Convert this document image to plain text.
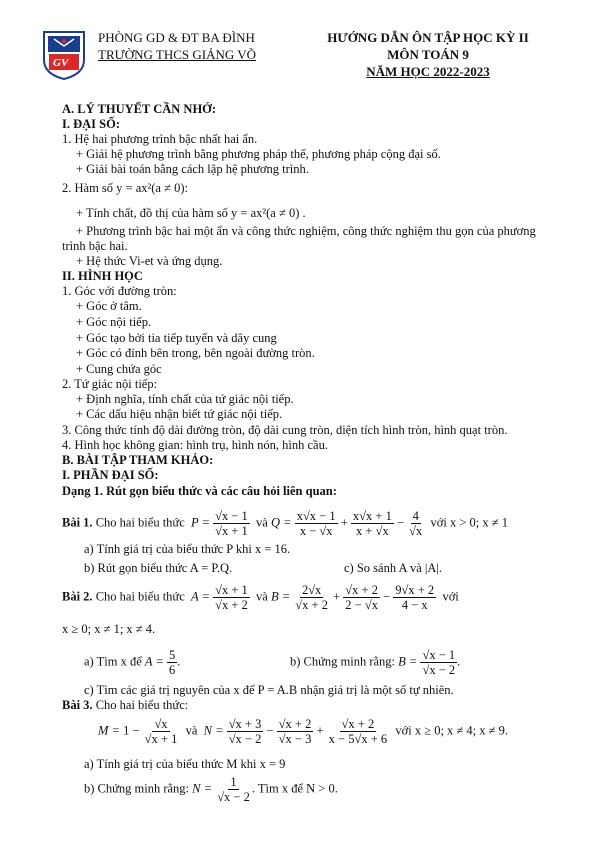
GV
PHÒNG GD & ĐT BA ĐÌNH
TRƯỜNG THCS GIẢNG VÕ
HƯỚNG DẪN ÔN TẬP HỌC KỲ II
MÔN TOÁN 9
NĂM HỌC 2022-2023
A. LÝ THUYẾT CẦN NHỚ:
I. ĐẠI SỐ:
1. Hệ hai phương trình bậc nhất hai ẩn.
+ Giải hệ phương trình bằng phương pháp thế, phương pháp cộng đại số.
+ Giải bài toán bằng cách lập hệ phương trình.
2. Hàm số y = ax²(a ≠ 0):
+ Tính chất, đồ thị của hàm số y = ax²(a ≠ 0) .
+ Phương trình bậc hai một ẩn và công thức nghiệm, công thức nghiệm thu gọn của phương
trình bậc hai.
+ Hệ thức Vi-et và ứng dụng.
II. HÌNH HỌC
1. Góc với đường tròn:
+ Góc ở tâm.
+ Góc nội tiếp.
+ Góc tạo bởi tia tiếp tuyến và dây cung
+ Góc có đỉnh bên trong, bên ngoài đường tròn.
+ Cung chứa góc
2. Tứ giác nội tiếp:
+ Định nghĩa, tính chất của tứ giác nội tiếp.
+ Các dấu hiệu nhận biết tứ giác nội tiếp.
3. Công thức tính độ dài đường tròn, độ dài cung tròn, diện tích hình tròn, hình quạt tròn.
4. Hình học không gian: hình trụ, hình nón, hình cầu.
B. BÀI TẬP THAM KHẢO:
I. PHẦN ĐẠI SỐ:
Dạng 1. Rút gọn biểu thức và các câu hỏi liên quan:
Bài 1. Cho hai biểu thức  $P = \frac{√x - 1}{√x + 1}$ và $Q = \frac{x√x - 1}{x - √x} + \frac{x√x + 1}{x + √x} - \frac{4}{√x}$ với x > 0; x ≠ 1
a) Tính giá trị của biểu thức P khi x = 16.
b) Rút gọn biểu thức A = P.Q.	c) So sánh A và |A|.
Bài 2. Cho hai biểu thức  $A = \frac{√x + 1}{√x + 2}$ và $B = \frac{2√x}{√x + 2} + \frac{√x + 2}{2 - √x} - \frac{9√x + 2}{4 - x}$ với
x ≥ 0; x ≠ 1; x ≠ 4.
a) Tìm x để $A = \frac{5}{6}$ .	b) Chứng minh rằng: $B = \frac{√x - 1}{√x - 2}$ .
c) Tìm các giá trị nguyên của x để P = A.B nhận giá trị là một số tự nhiên.
Bài 3. Cho hai biểu thức:
$M = 1 - \frac{√x}{√x + 1}$ và  $N = \frac{√x + 3}{√x - 2} - \frac{√x + 2}{√x - 3} + \frac{√x + 2}{x - 5√x + 6}$ với x ≥ 0; x ≠ 4; x ≠ 9.
a) Tính giá trị của biểu thức M khi x = 9
b) Chứng minh rằng: $N = \frac{1}{√x - 2}$ . Tìm x để N > 0.
